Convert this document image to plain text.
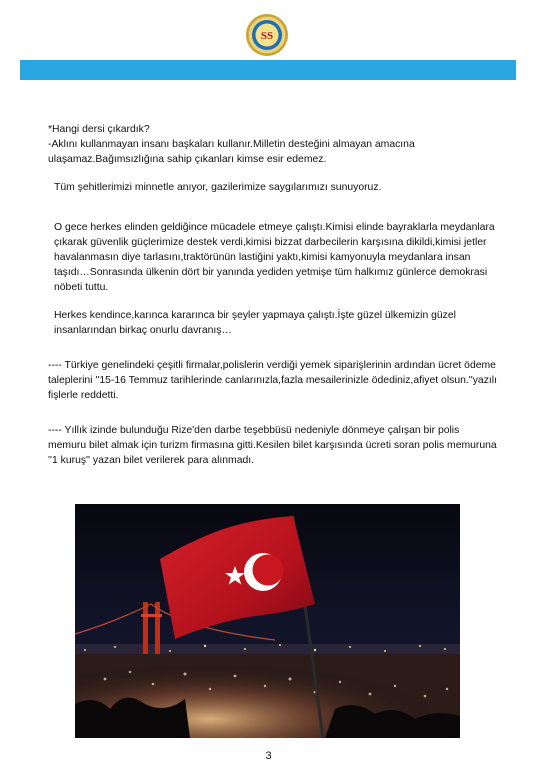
SS

*Hangi dersi çıkardık?

-Aklını kullanmayan insanı başkaları kullanır.Milletin desteğini almayan amacına

ulaşamaz.Bağımsızlığına sahip çıkanları kimse esir edemez.

Tüm şehitlerimizi minnetle anıyor, gazilerimize saygılarımızı sunuyoruz.

O gece herkes elinden geldiğince mücadele etmeye çalıştı.Kimisi elinde bayraklarla meydanlara çıkarak güvenlik güçlerimize destek verdi,kimisi bizzat darbecilerin karşısına dikildi,kimisi jetler havalanmasın diye tarlasını,traktörünün lastiğini yaktı,kimisi kamyonuyla meydanlara insan taşıdı…Sonrasında ülkenin dört bir yanında yediden yetmişe tüm halkımız günlerce demokrasi nöbeti tuttu.

Herkes kendince,karınca kararınca bir şeyler yapmaya çalıştı.İşte güzel ülkemizin güzel insanlarından birkaç onurlu davranış…

---- Türkiye genelindeki çeşitli firmalar,polislerin verdiği yemek siparişlerinin ardından ücret ödeme taleplerini ''15-16 Temmuz tarihlerinde canlarınızla,fazla mesailerinizle ödediniz,afiyet olsun.''yazılı fişlerle reddetti.

---- Yıllık izinde bulunduğu Rize'den darbe teşebbüsü nedeniyle dönmeye çalışan bir polis memuru bilet almak için turizm firmasına gitti.Kesilen bilet karşısında ücreti soran polis memuruna ''1 kuruş'' yazan bilet verilerek para alınmadı.

3
